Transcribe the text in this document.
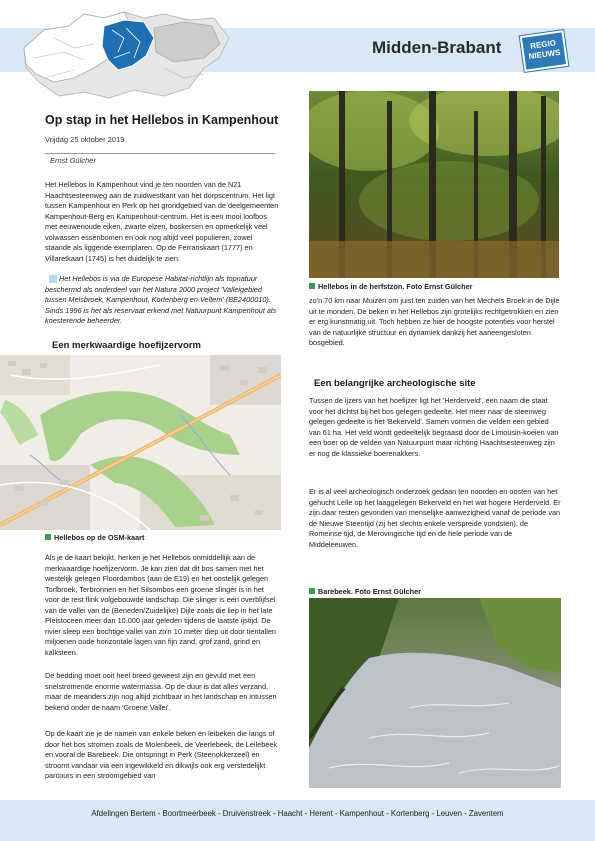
Midden-Brabant	REGIO
NIEUWS
Op stap in het Hellebos in Kampenhout
Vrijdag 25 oktober 2019
Ernst Gülcher
Het Hellebos in Kampenhout vind je ten noorden van de N21 Haachtsesteenweg aan de zuidwestkant van het dorpscentrum. Het ligt tussen Kampenhout en Perk op het grondgebied van de deelgemeenten Kampenhout-Berg en Kampenhout-centrum. Het is een mooi loofbos met eeuwenoude eiken, zwarte elzen, boskersen en opmerkelijk veel volwassen essenbomen en ook nog altijd veel populieren, zowel staande als liggende exemplaren. Op de Ferrariskaart (1777) en Villaretkaart (1745) is het duidelijk te zien.
Het Hellebos is via de Europese Habitat-richtlijn als topnatuur beschermd als onderdeel van het Natura 2000 project 'Valleigebied tussen Melsbroek, Kampenhout, Kortenberg en Veltem' (BE2400010). Sinds 1996 is het als reservaat erkend met Natuurpunt Kampenhout als koesterende beheerder.
Een merkwaardige hoefijzervorm
Hellebos op de OSM-kaart
Als je de kaart bekijkt, herken je het Hellebos onmiddellijk aan de merkwaardige hoefijzervorm. Je kan zien dat dit bos samen met het westelijk gelegen Floordambos (aan de E19) en het oostelijk gelegen Torfbroek, Terbronnen en het Silsombos een groene slinger is in het voor de rest flink volgebouwde landschap. Die slinger is een overblijfsel van de vallei van de (Beneden/Zuidelijke) Dijle zoals die liep in het late Pleistoceen meer dan 10.000 jaar geleden tijdens de laatste ijstijd. De rivier sleep een bochtige vallei van zo'n 10 meter diep uit door tientallen miljoenen oude horizontale lagen van fijn zand, grof zand, grind en kalksteen.
De bedding moet ooit heel breed geweest zijn en gevuld met een snelstromende enorme watermassa. Op de duur is dat alles verzand, maar de meanders zijn nog altijd zichtbaar in het landschap en intussen bekend onder de naam 'Groene Vallei'.
Op de kaart zie je de namen van enkele beken en leibeken die langs of door het bos stromen zoals de Molenbeek, de Veerlebeek, de Leilebeek en vooral de Barebeek. Die ontspringt in Perk (Steenokkerzeel) en stroomt vandaar via een ingewikkeld en dikwijls ook erg verstedelijkt parcours in een stroomgebied van
Hellebos in de herfstzon. Foto Ernst Gülcher
zo'n 70 km naar Muizen om juist ten zuiden van het Mechels Broek in de Dijle uit te monden. De beken in het Hellebos zijn grotelijks rechtgetrokken en zien er erg kunstmatig uit. Toch hebben ze hier de hoogste potenties voor herstel van de natuurlijke structuur en dynamiek dankzij het aaneengesloten bosgebied.
Een belangrijke archeologische site
Tussen de ijzers van het hoefijzer ligt het 'Herderveld', een naam die staat voor het dichtst bij het bos gelegen gedeelte. Het meer naar de steenweg gelegen gedeelte is het 'Bekerveld'. Samen vormen die velden een gebied van 61 ha. Het veld wordt gedeeltelijk begraasd door de Limousin-koeien van een boer op de velden van Natuurpunt maar richting Haachtsesteenweg zijn er nog de klassieke boerenakkers.
Er is al veel archeologisch onderzoek gedaan ten noorden en oosten van het gehucht Lelle op het laaggelegen Bekerveld en het wat hogere Herderveld. Er zijn daar resten gevonden van menselijke aanwezigheid vanaf de periode van de Nieuwe Steentijd (zij het slechts enkele verspreide vondsten), de Romeinse tijd, de Merovingische tijd en de hele periode van de Middeleeuwen.
Barebeek. Foto Ernst Gülcher
Afdelingen Bertem - Boortmeerbeek - Druivenstreek - Haacht - Herent - Kampenhout - Kortenberg - Leuven - Zaventem
